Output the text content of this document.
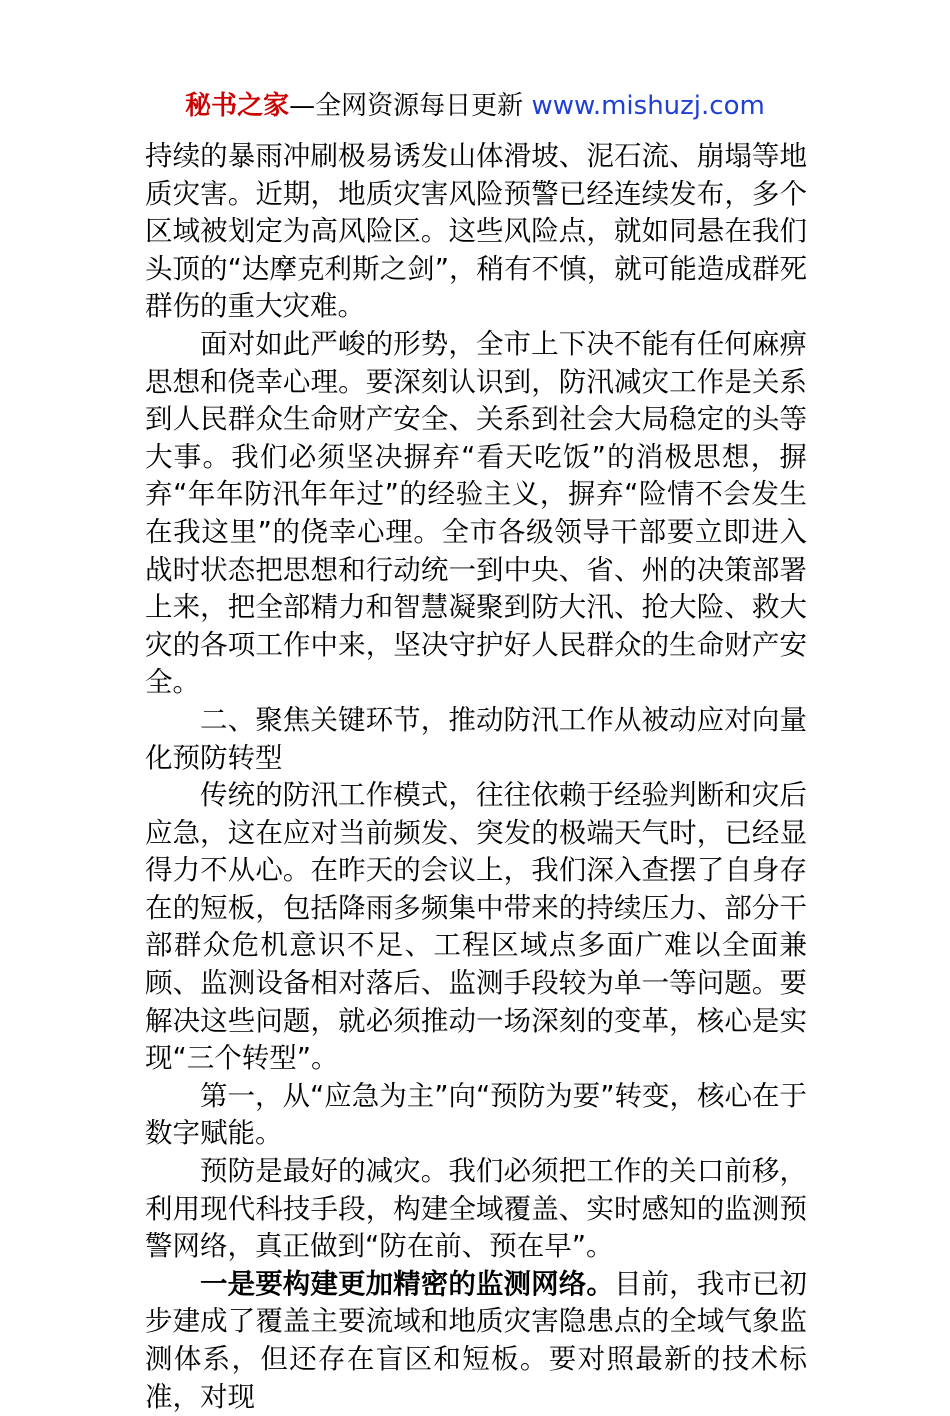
秘书之家—全网资源每日更新 www.mishuzj.com

持续的暴雨冲刷极易诱发山体滑坡、泥石流、崩塌等地质灾害。近期，地质灾害风险预警已经连续发布，多个区域被划定为高风险区。这些风险点，就如同悬在我们头顶的“达摩克利斯之剑”，稍有不慎，就可能造成群死群伤的重大灾难。

面对如此严峻的形势，全市上下决不能有任何麻痹思想和侥幸心理。要深刻认识到，防汛减灾工作是关系到人民群众生命财产安全、关系到社会大局稳定的头等大事。我们必须坚决摒弃“看天吃饭”的消极思想，摒弃“年年防汛年年过”的经验主义，摒弃“险情不会发生在我这里”的侥幸心理。全市各级领导干部要立即进入战时状态把思想和行动统一到中央、省、州的决策部署上来，把全部精力和智慧凝聚到防大汛、抢大险、救大灾的各项工作中来，坚决守护好人民群众的生命财产安全。

二、聚焦关键环节，推动防汛工作从被动应对向量化预防转型

传统的防汛工作模式，往往依赖于经验判断和灾后应急，这在应对当前频发、突发的极端天气时，已经显得力不从心。在昨天的会议上，我们深入查摆了自身存在的短板，包括降雨多频集中带来的持续压力、部分干部群众危机意识不足、工程区域点多面广难以全面兼顾、监测设备相对落后、监测手段较为单一等问题。要解决这些问题，就必须推动一场深刻的变革，核心是实现“三个转型”。

第一，从“应急为主”向“预防为要”转变，核心在于数字赋能。

预防是最好的减灾。我们必须把工作的关口前移，利用现代科技手段，构建全域覆盖、实时感知的监测预警网络，真正做到“防在前、预在早”。

一是要构建更加精密的监测网络。目前，我市已初步建成了覆盖主要流域和地质灾害隐患点的全域气象监测体系，但还存在盲区和短板。要对照最新的技术标准，对现
